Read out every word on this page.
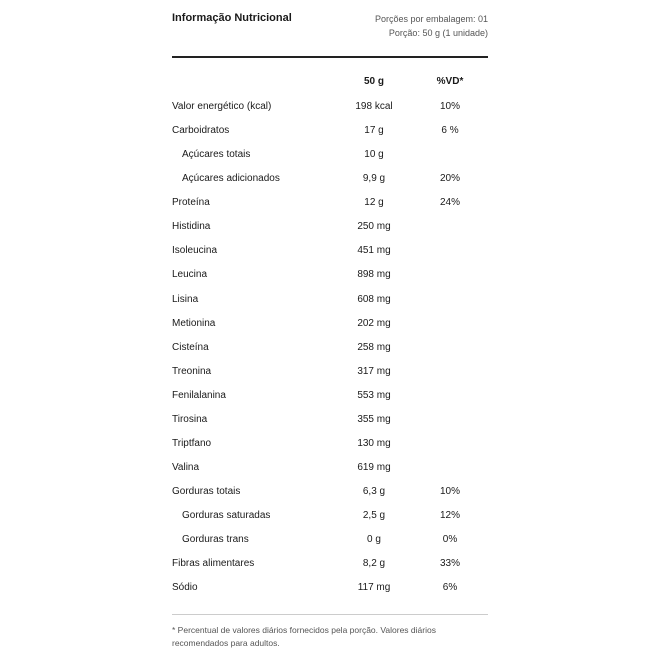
Informação Nutricional	Porções por embalagem: 01
Porção: 50 g (1 unidade)
50 g	%VD*
Valor energético (kcal)	198 kcal	10%
Carboidratos	17 g	6 %
Açúcares totais	10 g
Açúcares adicionados	9,9 g	20%
Proteína	12 g	24%
Histidina	250 mg
Isoleucina	451 mg
Leucina	898 mg
Lisina	608 mg
Metionina	202 mg
Cisteína	258 mg
Treonina	317 mg
Fenilalanina	553 mg
Tirosina	355 mg
Triptfano	130 mg
Valina	619 mg
Gorduras totais	6,3 g	10%
Gorduras saturadas	2,5 g	12%
Gorduras trans	0 g	0%
Fibras alimentares	8,2 g	33%
Sódio	117 mg	6%
* Percentual de valores diários fornecidos pela porção. Valores diários recomendados para adultos.
